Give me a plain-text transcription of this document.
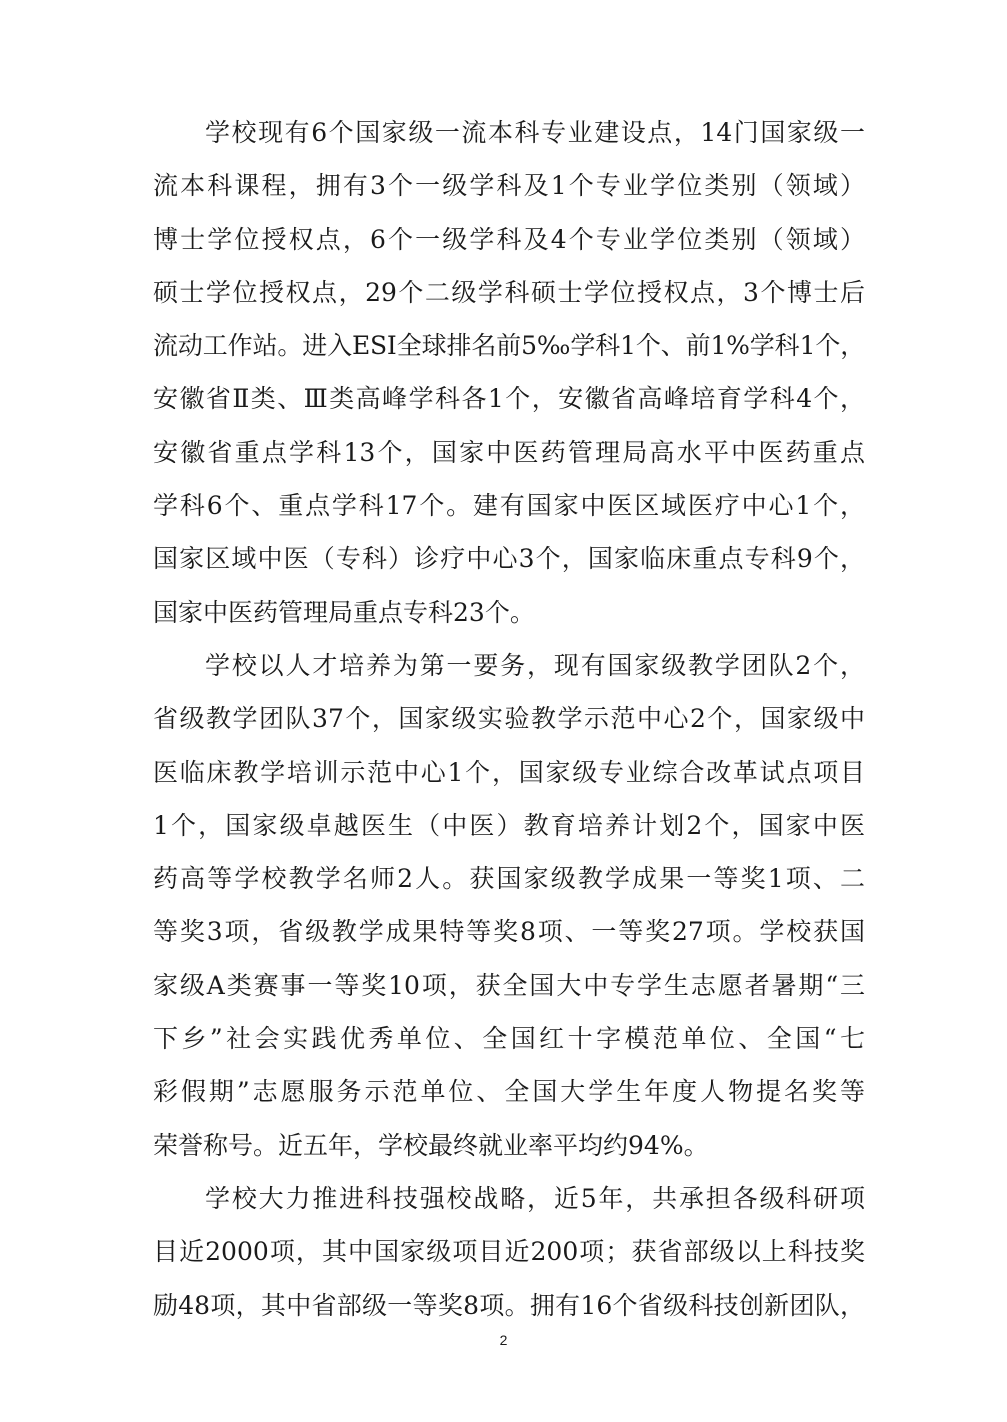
学校现有6个国家级一流本科专业建设点，14门国家级一
流本科课程，拥有3个一级学科及1个专业学位类别（领域）
博士学位授权点，6个一级学科及4个专业学位类别（领域）
硕士学位授权点，29个二级学科硕士学位授权点，3个博士后
流动工作站。进入ESI全球排名前5‰学科1个、前1%学科1个，
安徽省Ⅱ类、Ⅲ类高峰学科各1个，安徽省高峰培育学科4个，
安徽省重点学科13个，国家中医药管理局高水平中医药重点
学科6个、重点学科17个。建有国家中医区域医疗中心1个，
国家区域中医（专科）诊疗中心3个，国家临床重点专科9个，
国家中医药管理局重点专科23个。
学校以人才培养为第一要务，现有国家级教学团队2个，
省级教学团队37个，国家级实验教学示范中心2个，国家级中
医临床教学培训示范中心1个，国家级专业综合改革试点项目
1个，国家级卓越医生（中医）教育培养计划2个，国家中医
药高等学校教学名师2人。获国家级教学成果一等奖1项、二
等奖3项，省级教学成果特等奖8项、一等奖27项。学校获国
家级A类赛事一等奖10项，获全国大中专学生志愿者暑期“三
下乡”社会实践优秀单位、全国红十字模范单位、全国“七
彩假期”志愿服务示范单位、全国大学生年度人物提名奖等
荣誉称号。近五年，学校最终就业率平均约94%。
学校大力推进科技强校战略，近5年，共承担各级科研项
目近2000项，其中国家级项目近200项；获省部级以上科技奖
励48项，其中省部级一等奖8项。拥有16个省级科技创新团队，
2
